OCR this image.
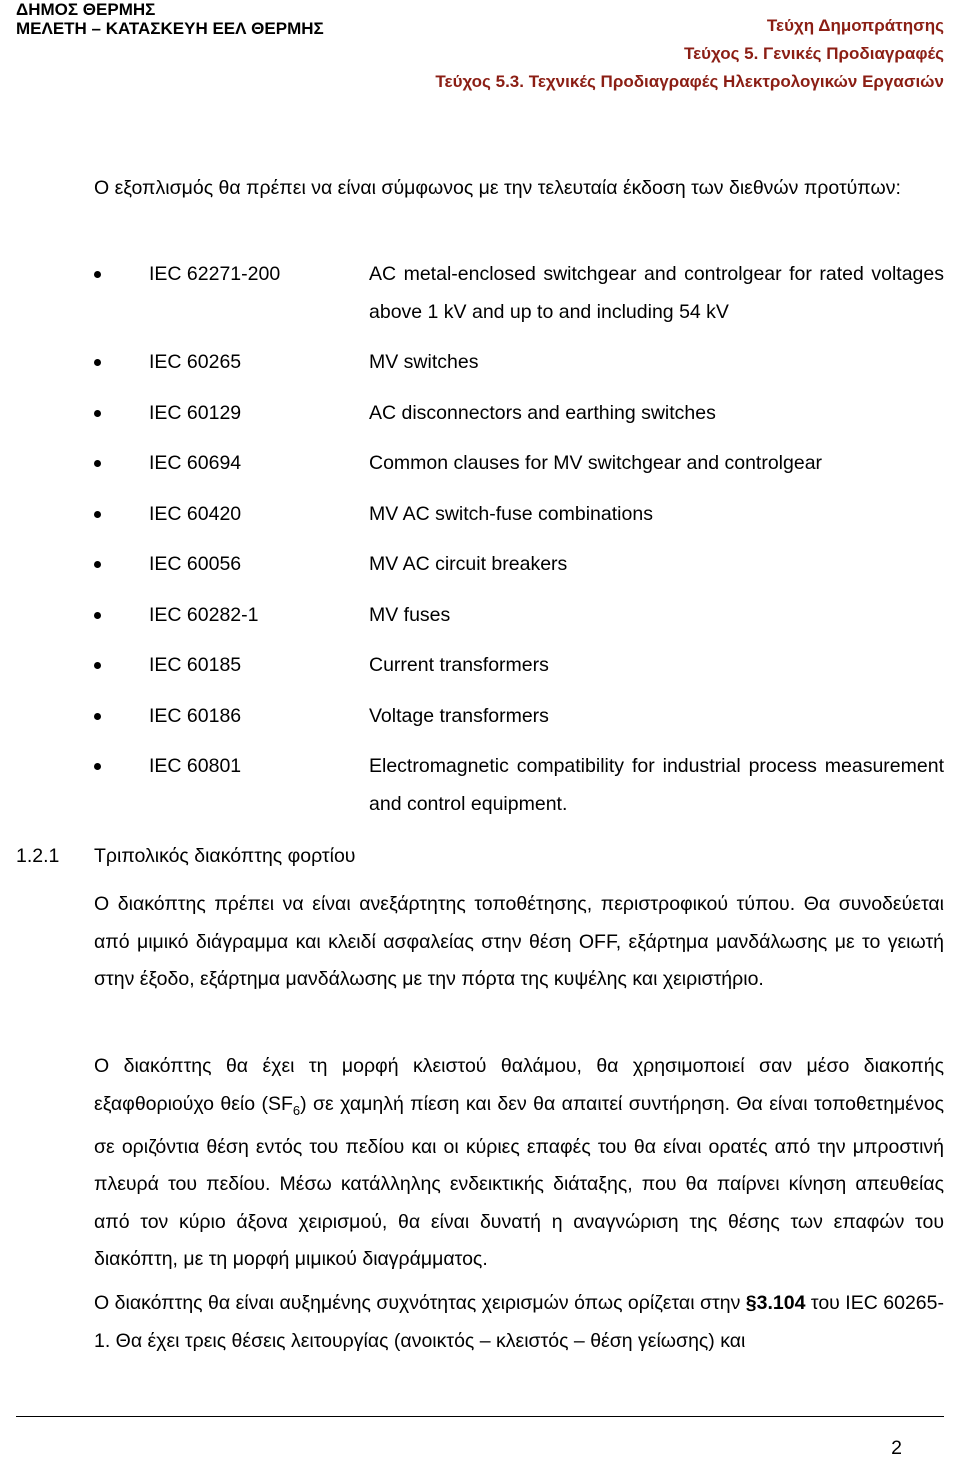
ΔΗΜΟΣ ΘΕΡΜΗΣ
ΜΕΛΕΤΗ – ΚΑΤΑΣΚΕΥΗ ΕΕΛ ΘΕΡΜΗΣ	Τεύχη Δημοπράτησης
Τεύχος 5. Γενικές Προδιαγραφές
Τεύχος 5.3. Τεχνικές Προδιαγραφές Ηλεκτρολογικών Εργασιών
Ο εξοπλισμός θα πρέπει να είναι σύμφωνος με την τελευταία έκδοση των διεθνών προτύπων:
IEC 62271-200	AC metal-enclosed switchgear and controlgear for rated voltages above 1 kV and up to and including 54 kV
IEC 60265	MV switches
IEC 60129	AC disconnectors and earthing switches
IEC 60694	Common clauses for MV switchgear and controlgear
IEC 60420	MV AC switch-fuse combinations
IEC 60056	MV AC circuit breakers
IEC 60282-1	MV fuses
IEC 60185	Current transformers
IEC 60186	Voltage transformers
IEC 60801	Electromagnetic compatibility for industrial process measurement and control equipment.
1.2.1 Τριπολικός διακόπτης φορτίου
Ο διακόπτης πρέπει να είναι ανεξάρτητης τοποθέτησης, περιστροφικού τύπου. Θα συνοδεύεται από μιμικό διάγραμμα και κλειδί ασφαλείας στην θέση OFF, εξάρτημα μανδάλωσης με το γειωτή στην έξοδο, εξάρτημα μανδάλωσης με την πόρτα της κυψέλης και χειριστήριο.
Ο διακόπτης θα έχει τη μορφή κλειστού θαλάμου, θα χρησιμοποιεί σαν μέσο διακοπής εξαφθοριούχο θείο $(SF_6)$ σε χαμηλή πίεση και δεν θα απαιτεί συντήρηση. Θα είναι τοποθετημένος σε οριζόντια θέση εντός του πεδίου και οι κύριες επαφές του θα είναι ορατές από την μπροστινή πλευρά του πεδίου. Μέσω κατάλληλης ενδεικτικής διάταξης, που θα παίρνει κίνηση απευθείας από τον κύριο άξονα χειρισμού, θα είναι δυνατή η αναγνώριση της θέσης των επαφών του διακόπτη, με τη μορφή μιμικού διαγράμματος.
Ο διακόπτης θα είναι αυξημένης συχνότητας χειρισμών όπως ορίζεται στην §3.104 του IEC 60265-1. Θα έχει τρεις θέσεις λειτουργίας (ανοικτός – κλειστός – θέση γείωσης) και
2
